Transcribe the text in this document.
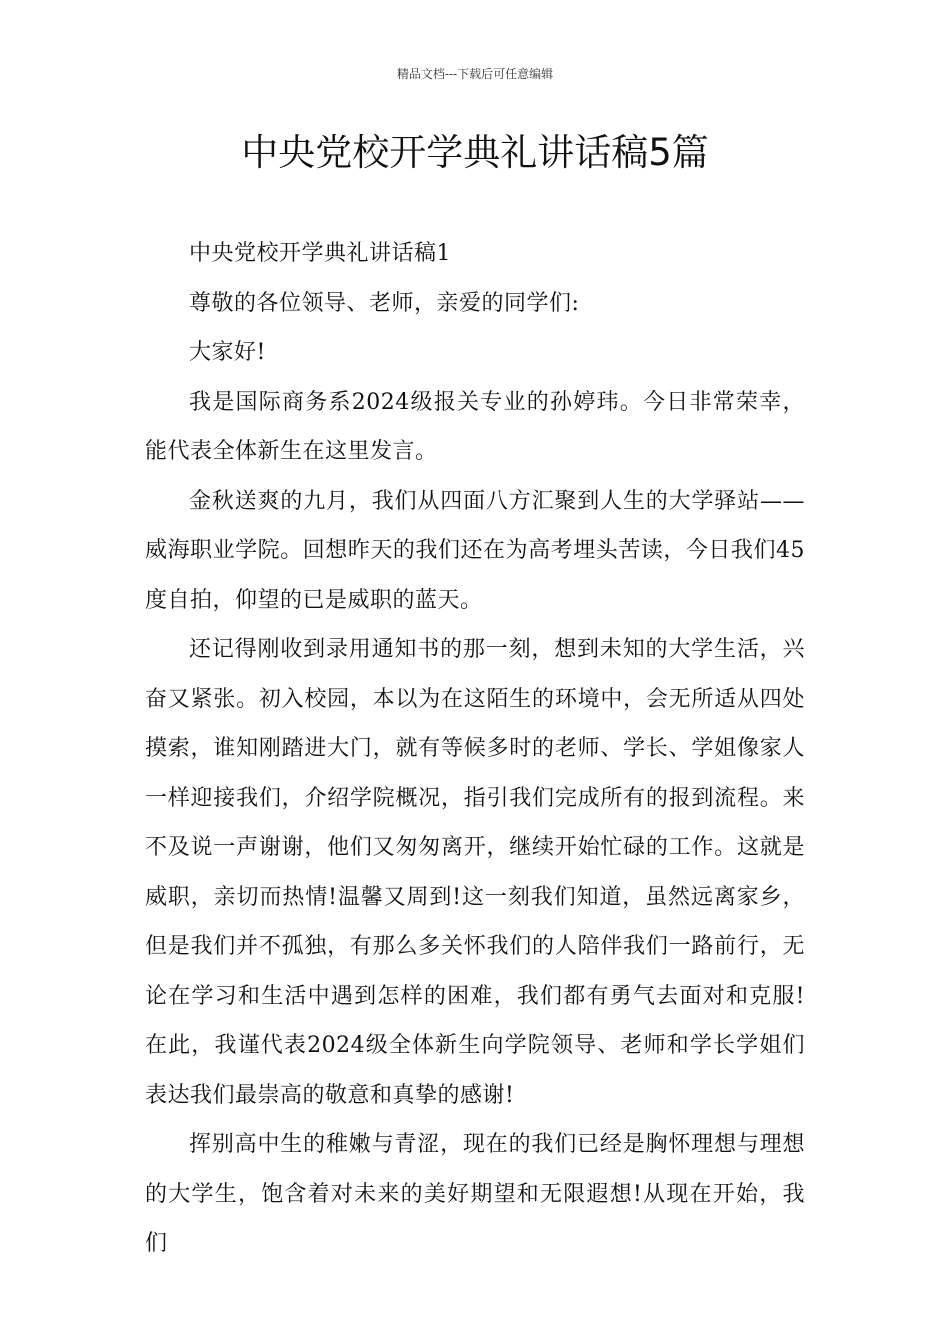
精品文档---下载后可任意编辑
中央党校开学典礼讲话稿5篇

中央党校开学典礼讲话稿1

尊敬的各位领导、老师，亲爱的同学们:

大家好!

我是国际商务系2024级报关专业的孙婷玮。今日非常荣幸，能代表全体新生在这里发言。

金秋送爽的九月，我们从四面八方汇聚到人生的大学驿站——威海职业学院。回想昨天的我们还在为高考埋头苦读，今日我们45度自拍，仰望的已是威职的蓝天。

还记得刚收到录用通知书的那一刻，想到未知的大学生活，兴奋又紧张。初入校园，本以为在这陌生的环境中，会无所适从四处摸索，谁知刚踏进大门，就有等候多时的老师、学长、学姐像家人一样迎接我们，介绍学院概况，指引我们完成所有的报到流程。来不及说一声谢谢，他们又匆匆离开，继续开始忙碌的工作。这就是威职，亲切而热情!温馨又周到!这一刻我们知道，虽然远离家乡，但是我们并不孤独，有那么多关怀我们的人陪伴我们一路前行，无论在学习和生活中遇到怎样的困难，我们都有勇气去面对和克服!在此，我谨代表2024级全体新生向学院领导、老师和学长学姐们表达我们最崇高的敬意和真挚的感谢!

挥别高中生的稚嫩与青涩，现在的我们已经是胸怀理想与理想的大学生，饱含着对未来的美好期望和无限遐想!从现在开始，我们
